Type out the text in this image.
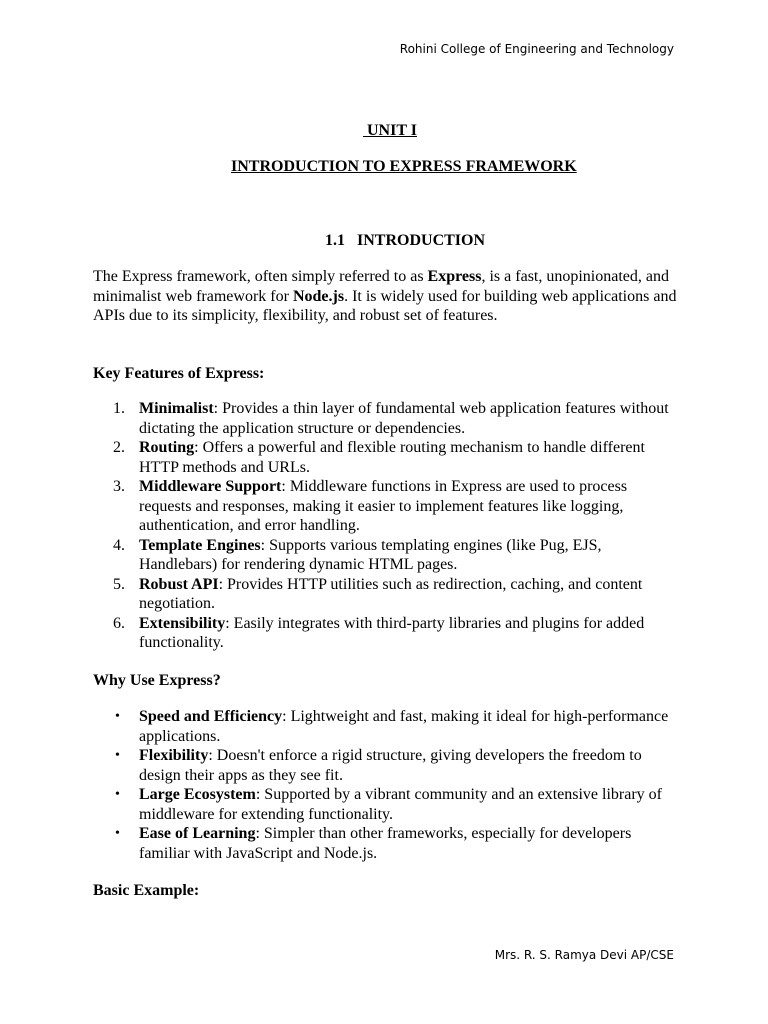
Rohini College of Engineering and Technology
UNIT I
INTRODUCTION TO EXPRESS FRAMEWORK
1.1   INTRODUCTION

The Express framework, often simply referred to as Express, is a fast, unopinionated, and minimalist web framework for Node.js. It is widely used for building web applications and APIs due to its simplicity, flexibility, and robust set of features.

Key Features of Express:

1. Minimalist: Provides a thin layer of fundamental web application features without dictating the application structure or dependencies.
2. Routing: Offers a powerful and flexible routing mechanism to handle different HTTP methods and URLs.
3. Middleware Support: Middleware functions in Express are used to process requests and responses, making it easier to implement features like logging, authentication, and error handling.
4. Template Engines: Supports various templating engines (like Pug, EJS, Handlebars) for rendering dynamic HTML pages.
5. Robust API: Provides HTTP utilities such as redirection, caching, and content negotiation.
6. Extensibility: Easily integrates with third-party libraries and plugins for added functionality.

Why Use Express?

• Speed and Efficiency: Lightweight and fast, making it ideal for high-performance applications.
• Flexibility: Doesn't enforce a rigid structure, giving developers the freedom to design their apps as they see fit.
• Large Ecosystem: Supported by a vibrant community and an extensive library of middleware for extending functionality.
• Ease of Learning: Simpler than other frameworks, especially for developers familiar with JavaScript and Node.js.

Basic Example:

Mrs. R. S. Ramya Devi AP/CSE
